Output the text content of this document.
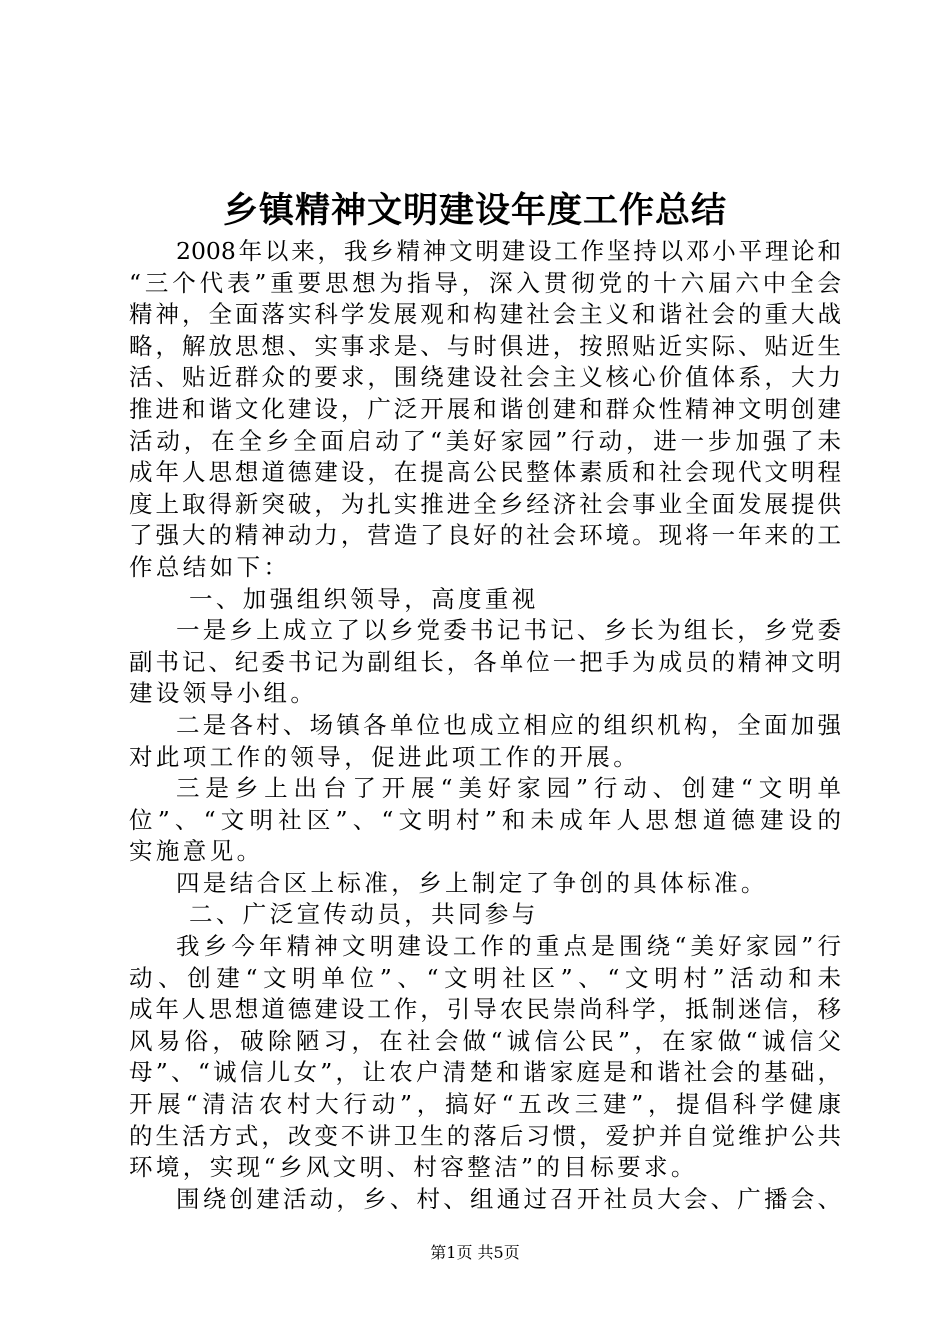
乡镇精神文明建设年度工作总结
2008年以来，我乡精神文明建设工作坚持以邓小平理论和
“三个代表”重要思想为指导，深入贯彻党的十六届六中全会
精神，全面落实科学发展观和构建社会主义和谐社会的重大战
略，解放思想、实事求是、与时俱进，按照贴近实际、贴近生
活、贴近群众的要求，围绕建设社会主义核心价值体系，大力
推进和谐文化建设，广泛开展和谐创建和群众性精神文明创建
活动，在全乡全面启动了“美好家园”行动，进一步加强了未
成年人思想道德建设，在提高公民整体素质和社会现代文明程
度上取得新突破，为扎实推进全乡经济社会事业全面发展提供
了强大的精神动力，营造了良好的社会环境。现将一年来的工
作总结如下：
一、加强组织领导，高度重视
一是乡上成立了以乡党委书记书记、乡长为组长，乡党委
副书记、纪委书记为副组长，各单位一把手为成员的精神文明
建设领导小组。
二是各村、场镇各单位也成立相应的组织机构，全面加强
对此项工作的领导，促进此项工作的开展。
三是乡上出台了开展“美好家园”行动、创建“文明单
位”、“文明社区”、“文明村”和未成年人思想道德建设的
实施意见。
四是结合区上标准，乡上制定了争创的具体标准。
二、广泛宣传动员，共同参与
我乡今年精神文明建设工作的重点是围绕“美好家园”行
动、创建“文明单位”、“文明社区”、“文明村”活动和未
成年人思想道德建设工作，引导农民崇尚科学，抵制迷信，移
风易俗，破除陋习，在社会做“诚信公民”，在家做“诚信父
母”、“诚信儿女”，让农户清楚和谐家庭是和谐社会的基础，
开展“清洁农村大行动”，搞好“五改三建”，提倡科学健康
的生活方式，改变不讲卫生的落后习惯，爱护并自觉维护公共
环境，实现“乡风文明、村容整洁”的目标要求。
围绕创建活动，乡、村、组通过召开社员大会、广播会、
第1页 共5页
